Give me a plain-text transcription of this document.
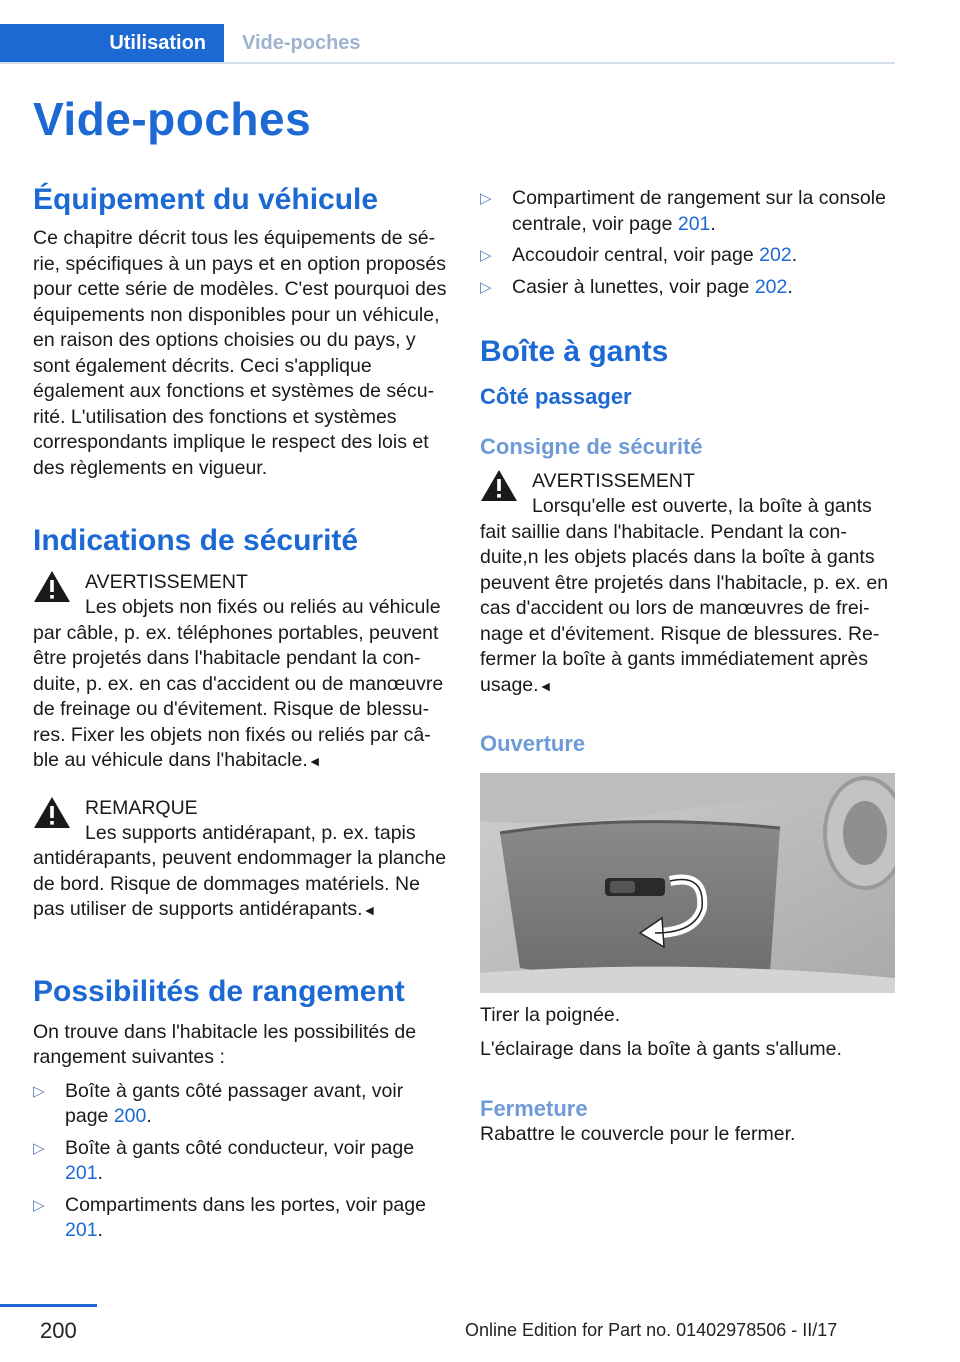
Utilisation	Vide-poches
Vide-poches
Équipement du véhicule

Ce chapitre décrit tous les équipements de série, spécifiques à un pays et en option proposés pour cette série de modèles. C'est pourquoi des équipements non disponibles pour un véhicule, en raison des options choisies ou du pays, y sont également décrits. Ceci s'applique également aux fonctions et systèmes de sécurité. L'utilisation des fonctions et systèmes correspondants implique le respect des lois et des règlements en vigueur.

Indications de sécurité
AVERTISSEMENT
Les objets non fixés ou reliés au véhicule
par câble, p. ex. téléphones portables, peuvent être projetés dans l'habitacle pendant la conduite, p. ex. en cas d'accident ou de manœuvre de freinage ou d'évitement. Risque de blessures. Fixer les objets non fixés ou reliés par câble au véhicule dans l'habitacle.◄
REMARQUE
Les supports antidérapant, p. ex. tapis
antidérapants, peuvent endommager la planche de bord. Risque de dommages matériels. Ne pas utiliser de supports antidérapants.◄
Possibilités de rangement

On trouve dans l'habitacle les possibilités de rangement suivantes :

▷ Boîte à gants côté passager avant, voir page 200.
▷ Boîte à gants côté conducteur, voir page 201.
▷ Compartiments dans les portes, voir page 201.
▷ Compartiment de rangement sur la console centrale, voir page 201.
▷ Accoudoir central, voir page 202.
▷ Casier à lunettes, voir page 202.
Boîte à gants
Côté passager
Consigne de sécurité
AVERTISSEMENT
Lorsqu'elle est ouverte, la boîte à gants
fait saillie dans l'habitacle. Pendant la conduite,n les objets placés dans la boîte à gants peuvent être projetés dans l'habitacle, p. ex. en cas d'accident ou lors de manœuvres de freinage et d'évitement. Risque de blessures. Refermer la boîte à gants immédiatement après usage.◄
Ouverture

Tirer la poignée.

L'éclairage dans la boîte à gants s'allume.

Fermeture

Rabattre le couvercle pour le fermer.

200	Online Edition for Part no. 01402978506 - II/17
